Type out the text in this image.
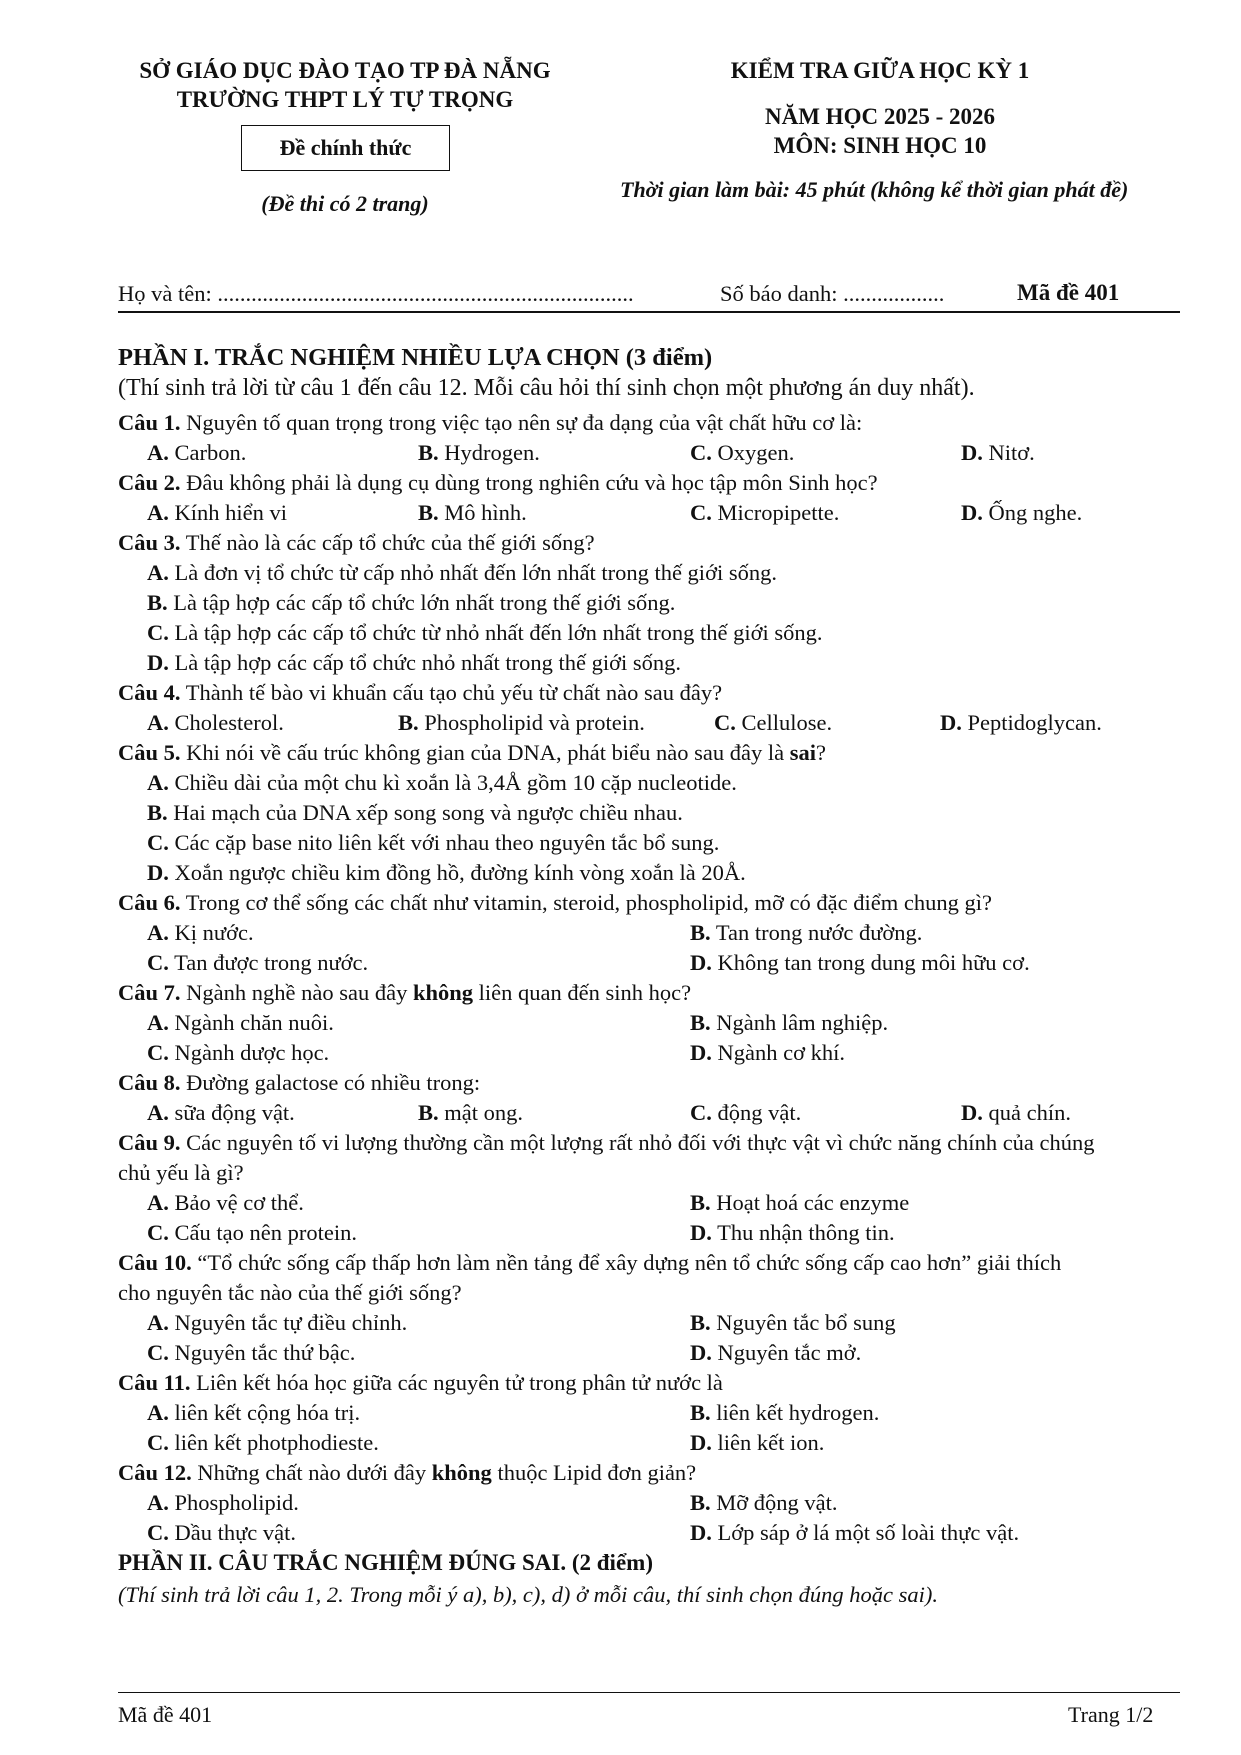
SỞ GIÁO DỤC ĐÀO TẠO TP ĐÀ NẴNG
TRƯỜNG THPT LÝ TỰ TRỌNG
Đề chính thức
(Đề thi có 2 trang)
KIỂM TRA GIỮA HỌC KỲ 1
NĂM HỌC 2025 - 2026
MÔN: SINH HỌC 10
Thời gian làm bài: 45 phút (không kể thời gian phát đề)
Họ và tên: ..........................................................................	Số báo danh: ..................	Mã đề 401
PHẦN I. TRẮC NGHIỆM NHIỀU LỰA CHỌN (3 điểm)
(Thí sinh trả lời từ câu 1 đến câu 12. Mỗi câu hỏi thí sinh chọn một phương án duy nhất).
Câu 1. Nguyên tố quan trọng trong việc tạo nên sự đa dạng của vật chất hữu cơ là:
A. Carbon.	B. Hydrogen.	C. Oxygen.	D. Nitơ.
Câu 2. Đâu không phải là dụng cụ dùng trong nghiên cứu và học tập môn Sinh học?
A. Kính hiển vi	B. Mô hình.	C. Micropipette.	D. Ống nghe.
Câu 3. Thế nào là các cấp tổ chức của thế giới sống?
A. Là đơn vị tổ chức từ cấp nhỏ nhất đến lớn nhất trong thế giới sống.
B. Là tập hợp các cấp tổ chức lớn nhất trong thế giới sống.
C. Là tập hợp các cấp tổ chức từ nhỏ nhất đến lớn nhất trong thế giới sống.
D. Là tập hợp các cấp tổ chức nhỏ nhất trong thế giới sống.
Câu 4. Thành tế bào vi khuẩn cấu tạo chủ yếu từ chất nào sau đây?
A. Cholesterol.	B. Phospholipid và protein.	C. Cellulose.	D. Peptidoglycan.
Câu 5. Khi nói về cấu trúc không gian của DNA, phát biểu nào sau đây là sai?
A. Chiều dài của một chu kì xoắn là 3,4Å gồm 10 cặp nucleotide.
B. Hai mạch của DNA xếp song song và ngược chiều nhau.
C. Các cặp base nito liên kết với nhau theo nguyên tắc bổ sung.
D. Xoắn ngược chiều kim đồng hồ, đường kính vòng xoắn là 20Å.
Câu 6. Trong cơ thể sống các chất như vitamin, steroid, phospholipid, mỡ có đặc điểm chung gì?
A. Kị nước.	B. Tan trong nước đường.
C. Tan được trong nước.	D. Không tan trong dung môi hữu cơ.
Câu 7. Ngành nghề nào sau đây không liên quan đến sinh học?
A. Ngành chăn nuôi.	B. Ngành lâm nghiệp.
C. Ngành dược học.	D. Ngành cơ khí.
Câu 8. Đường galactose có nhiều trong:
A. sữa động vật.	B. mật ong.	C. động vật.	D. quả chín.
Câu 9. Các nguyên tố vi lượng thường cần một lượng rất nhỏ đối với thực vật vì chức năng chính của chúng
chủ yếu là gì?
A. Bảo vệ cơ thể.	B. Hoạt hoá các enzyme
C. Cấu tạo nên protein.	D. Thu nhận thông tin.
Câu 10. “Tổ chức sống cấp thấp hơn làm nền tảng để xây dựng nên tổ chức sống cấp cao hơn” giải thích
cho nguyên tắc nào của thế giới sống?
A. Nguyên tắc tự điều chỉnh.	B. Nguyên tắc bổ sung
C. Nguyên tắc thứ bậc.	D. Nguyên tắc mở.
Câu 11. Liên kết hóa học giữa các nguyên tử trong phân tử nước là
A. liên kết cộng hóa trị.	B. liên kết hydrogen.
C. liên kết photphodieste.	D. liên kết ion.
Câu 12. Những chất nào dưới đây không thuộc Lipid đơn giản?
A. Phospholipid.	B. Mỡ động vật.
C. Dầu thực vật.	D. Lớp sáp ở lá một số loài thực vật.
PHẦN II. CÂU TRẮC NGHIỆM ĐÚNG SAI. (2 điểm)
(Thí sinh trả lời câu 1, 2. Trong mỗi ý a), b), c), d) ở mỗi câu, thí sinh chọn đúng hoặc sai).
Mã đề 401	Trang 1/2
